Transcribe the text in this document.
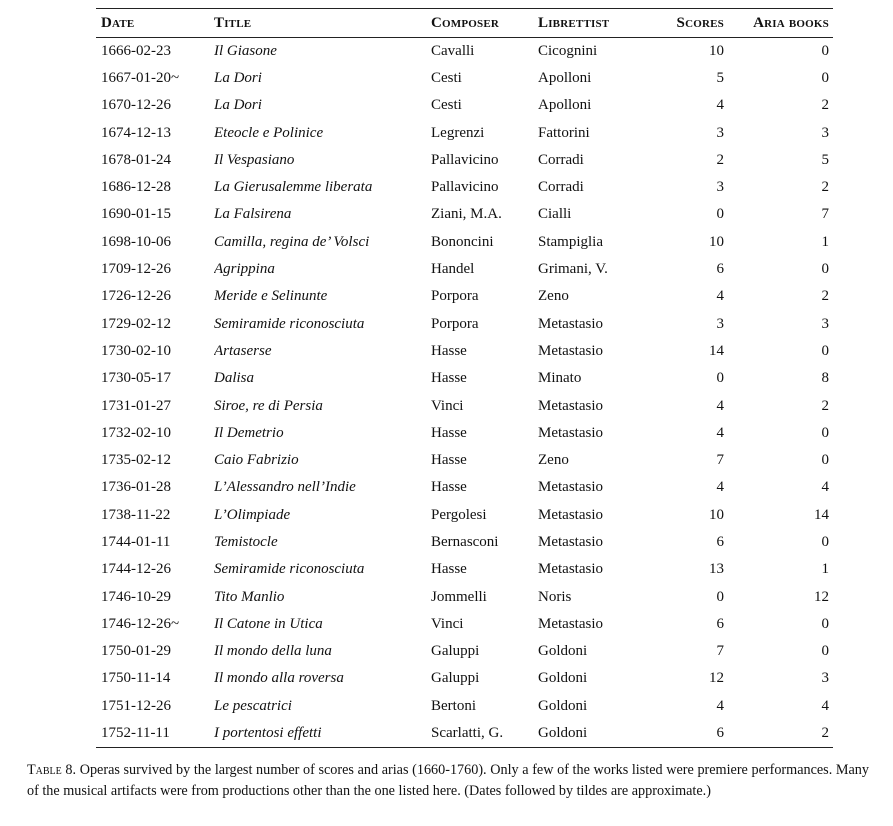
Date	Title	Composer	Librettist	Scores	Aria books
1666-02-23	Il Giasone	Cavalli	Cicognini	10	0
1667-01-20~	La Dori	Cesti	Apolloni	5	0
1670-12-26	La Dori	Cesti	Apolloni	4	2
1674-12-13	Eteocle e Polinice	Legrenzi	Fattorini	3	3
1678-01-24	Il Vespasiano	Pallavicino	Corradi	2	5
1686-12-28	La Gierusalemme liberata	Pallavicino	Corradi	3	2
1690-01-15	La Falsirena	Ziani, M.A.	Cialli	0	7
1698-10-06	Camilla, regina de’ Volsci	Bononcini	Stampiglia	10	1
1709-12-26	Agrippina	Handel	Grimani, V.	6	0
1726-12-26	Meride e Selinunte	Porpora	Zeno	4	2
1729-02-12	Semiramide riconosciuta	Porpora	Metastasio	3	3
1730-02-10	Artaserse	Hasse	Metastasio	14	0
1730-05-17	Dalisa	Hasse	Minato	0	8
1731-01-27	Siroe, re di Persia	Vinci	Metastasio	4	2
1732-02-10	Il Demetrio	Hasse	Metastasio	4	0
1735-02-12	Caio Fabrizio	Hasse	Zeno	7	0
1736-01-28	L’Alessandro nell’Indie	Hasse	Metastasio	4	4
1738-11-22	L’Olimpiade	Pergolesi	Metastasio	10	14
1744-01-11	Temistocle	Bernasconi	Metastasio	6	0
1744-12-26	Semiramide riconosciuta	Hasse	Metastasio	13	1
1746-10-29	Tito Manlio	Jommelli	Noris	0	12
1746-12-26~	Il Catone in Utica	Vinci	Metastasio	6	0
1750-01-29	Il mondo della luna	Galuppi	Goldoni	7	0
1750-11-14	Il mondo alla roversa	Galuppi	Goldoni	12	3
1751-12-26	Le pescatrici	Bertoni	Goldoni	4	4
1752-11-11	I portentosi effetti	Scarlatti, G.	Goldoni	6	2
Table 8. Operas survived by the largest number of scores and arias (1660-1760). Only a few of the works listed were premiere performances. Many of the musical artifacts were from productions other than the one listed here. (Dates followed by tildes are approximate.)
